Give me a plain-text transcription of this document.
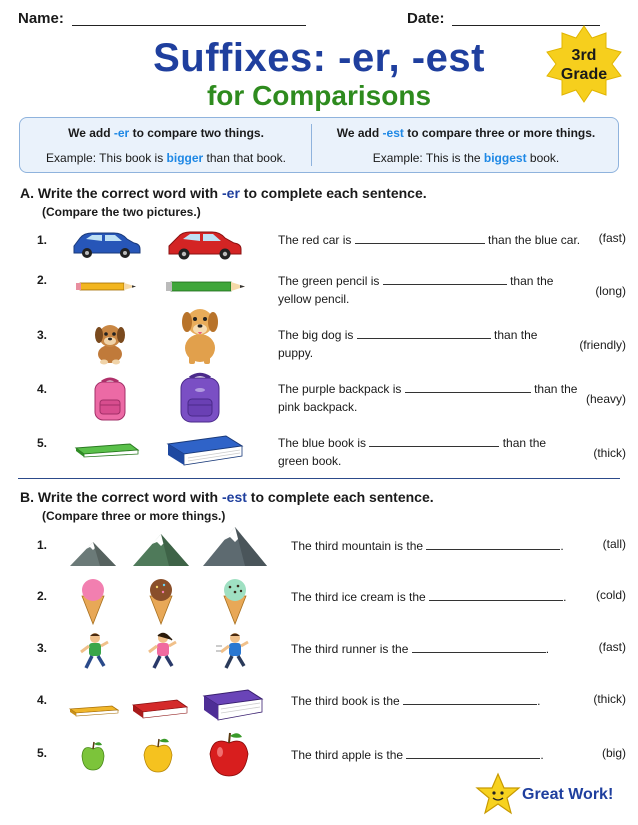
Name:	Date:
Suffixes: -er, -est
for Comparisons
3rd
Grade
We add -er to compare two things.
Example: This book is bigger than that book.
We add -est to compare three or more things.
Example: This is the biggest book.
A. Write the correct word with -er to complete each sentence.
(Compare the two pictures.)
1.	The red car is	than the blue car.	(fast)
2.	The green pencil is	than the
yellow pencil.
(long)
3.	The big dog is	than the
puppy.
(friendly)
4.	The purple backpack is	than the
pink backpack.
(heavy)
5.	The blue book is	than the
green book.
(thick)
B. Write the correct word with -est to complete each sentence.
(Compare three or more things.)
1.	The third mountain is the	.	(tall)
2.	The third ice cream is the	.	(cold)
3.	The third runner is the	.	(fast)
4.	The third book is the	.	(thick)
5.	The third apple is the	.	(big)
Great Work!
